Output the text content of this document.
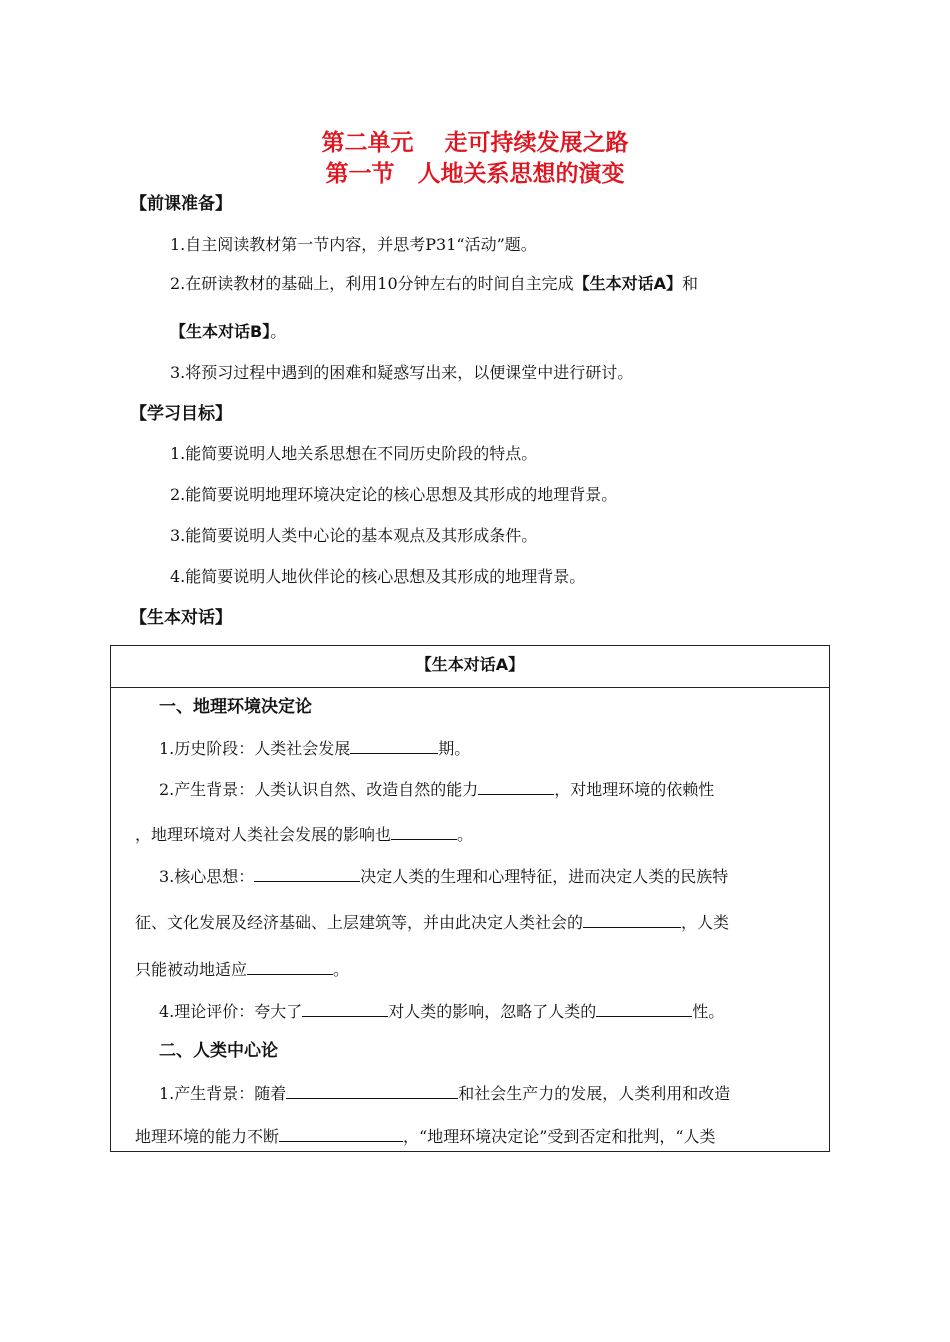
第二单元　 走可持续发展之路
第一节　人地关系思想的演变
【前课准备】
1.自主阅读教材第一节内容，并思考P31“活动”题。
2.在研读教材的基础上，利用10分钟左右的时间自主完成【生本对话A】和
【生本对话B】。
3.将预习过程中遇到的困难和疑惑写出来，以便课堂中进行研讨。
【学习目标】
1.能简要说明人地关系思想在不同历史阶段的特点。
2.能简要说明地理环境决定论的核心思想及其形成的地理背景。
3.能简要说明人类中心论的基本观点及其形成条件。
4.能简要说明人地伙伴论的核心思想及其形成的地理背景。
【生本对话】
【生本对话A】
一、地理环境决定论
1.历史阶段：人类社会发展	期。
2.产生背景：人类认识自然、改造自然的能力	，对地理环境的依赖性
，地理环境对人类社会发展的影响也	。
3.核心思想：	决定人类的生理和心理特征，进而决定人类的民族特
征、文化发展及经济基础、上层建筑等，并由此决定人类社会的	，人类
只能被动地适应	。
4.理论评价：夸大了	对人类的影响，忽略了人类的	性。
二、人类中心论
1.产生背景：随着	和社会生产力的发展，人类利用和改造
地理环境的能力不断	，“地理环境决定论”受到否定和批判，“人类
